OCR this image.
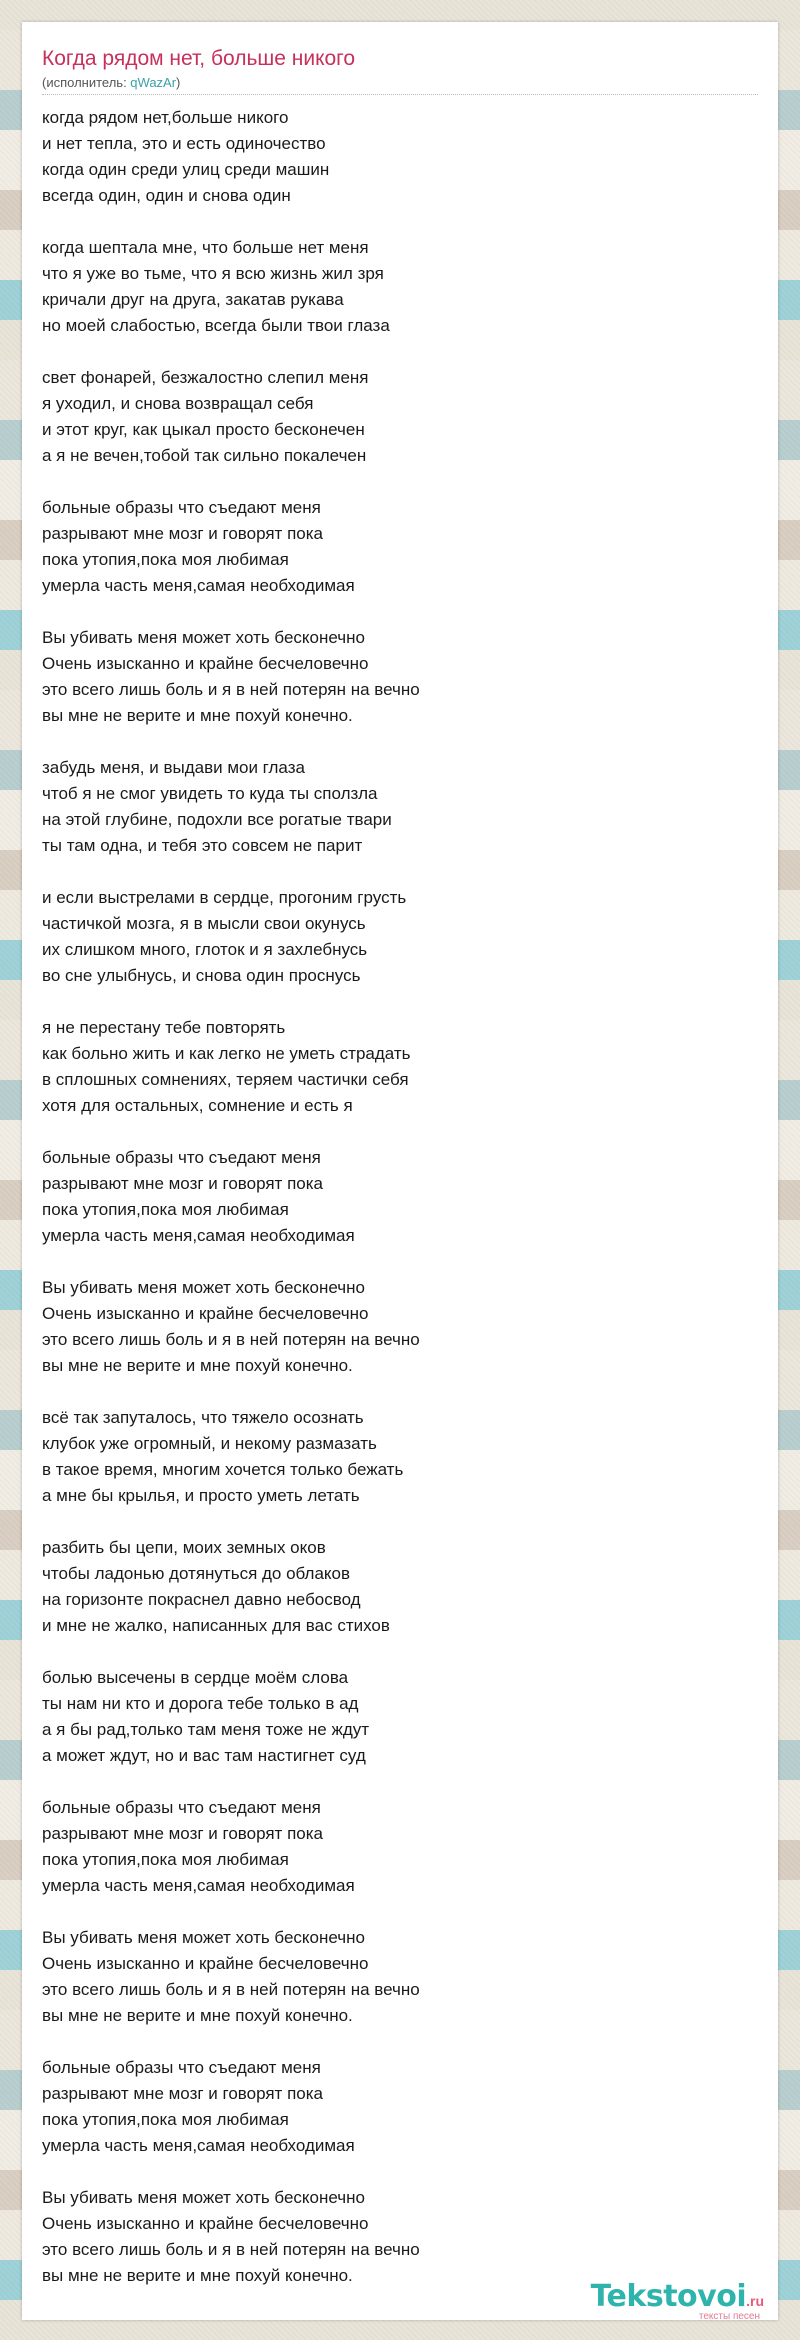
Когда рядом нет, больше никого
(исполнитель: qWazAr)
когда рядом нет,больше никого
и нет тепла, это и есть одиночество
когда один среди улиц среди машин
всегда один, один и снова один
когда шептала мне, что больше нет меня
что я уже во тьме, что я всю жизнь жил зря
кричали друг на друга, закатав рукава
но моей слабостью, всегда были твои глаза
свет фонарей, безжалостно слепил меня
я уходил, и снова возвращал себя
и этот круг, как цыкал просто бесконечен
а я не вечен,тобой так сильно покалечен
больные образы что съедают меня
разрывают мне мозг и говорят пока
пока утопия,пока моя любимая
умерла часть меня,самая необходимая
Вы убивать меня может хоть бесконечно
Очень изысканно и крайне бесчеловечно
это всего лишь боль и я в ней потерян на вечно
вы мне не верите и мне похуй конечно.
забудь меня, и выдави мои глаза
чтоб я не смог увидеть то куда ты сползла
на этой глубине, подохли все рогатые твари
ты там одна, и тебя это совсем не парит
и если выстрелами в сердце, прогоним грусть
частичкой мозга, я в мысли свои окунусь
их слишком много, глоток и я захлебнусь
во сне улыбнусь, и снова один проснусь
я не перестану тебе повторять
как больно жить и как легко не уметь страдать
в сплошных сомнениях, теряем частички себя
хотя для остальных, сомнение и есть я
больные образы что съедают меня
разрывают мне мозг и говорят пока
пока утопия,пока моя любимая
умерла часть меня,самая необходимая
Вы убивать меня может хоть бесконечно
Очень изысканно и крайне бесчеловечно
это всего лишь боль и я в ней потерян на вечно
вы мне не верите и мне похуй конечно.
всё так запуталось, что тяжело осознать
клубок уже огромный, и некому размазать
в такое время, многим хочется только бежать
а мне бы крылья, и просто уметь летать
разбить бы цепи, моих земных оков
чтобы ладонью дотянуться до облаков
на горизонте покраснел давно небосвод
и мне не жалко, написанных для вас стихов
болью высечены в сердце моём слова
ты нам ни кто и дорога тебе только в ад
а я бы рад,только там меня тоже не ждут
а может ждут, но и вас там настигнет суд
больные образы что съедают меня
разрывают мне мозг и говорят пока
пока утопия,пока моя любимая
умерла часть меня,самая необходимая
Вы убивать меня может хоть бесконечно
Очень изысканно и крайне бесчеловечно
это всего лишь боль и я в ней потерян на вечно
вы мне не верите и мне похуй конечно.
больные образы что съедают меня
разрывают мне мозг и говорят пока
пока утопия,пока моя любимая
умерла часть меня,самая необходимая
Вы убивать меня может хоть бесконечно
Очень изысканно и крайне бесчеловечно
это всего лишь боль и я в ней потерян на вечно
вы мне не верите и мне похуй конечно.
Tekstovoi.ru
тексты песен
